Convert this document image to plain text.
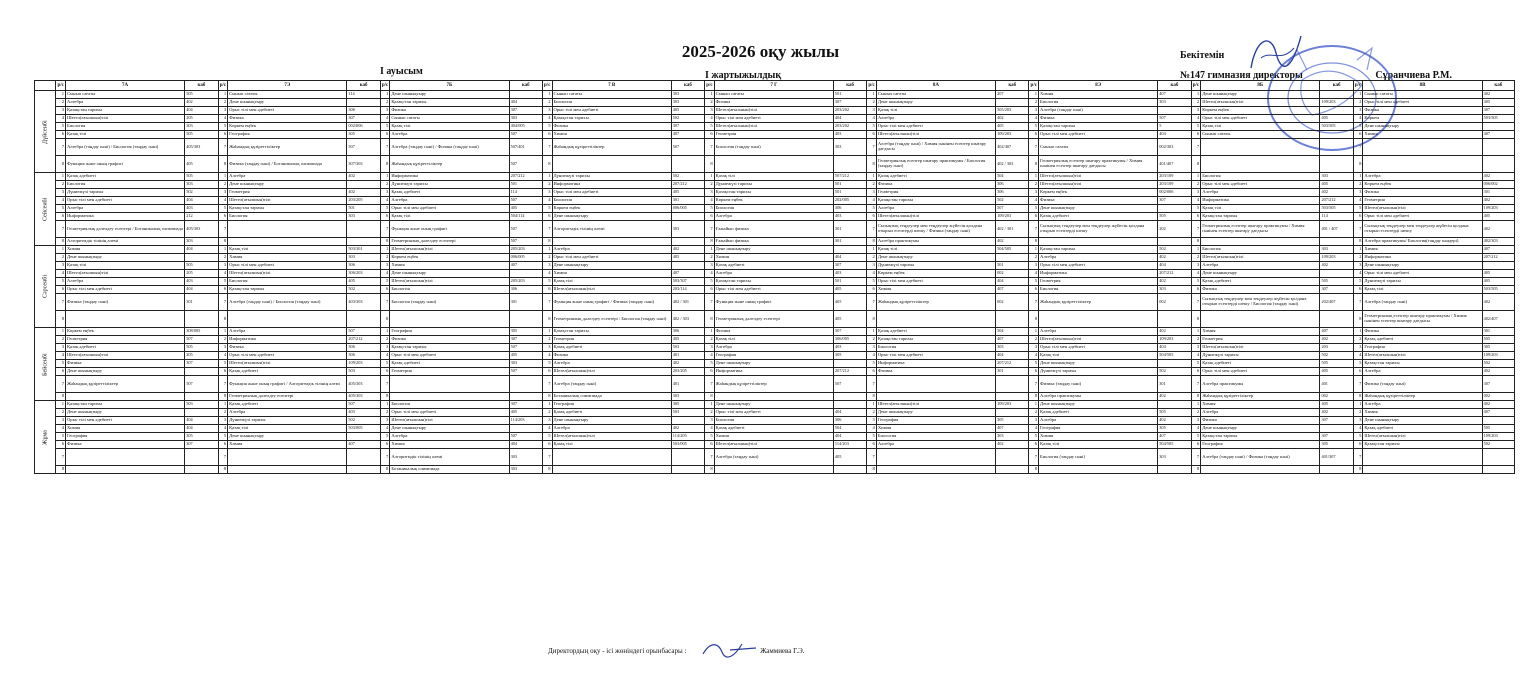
2025-2026 оқу жылы	Бекітемін
№147 гимназия директоры	Сұранчиева Р.М.
I ауысым	I жартыжылдық
	р/с	7А	каб	р/с	7Э	каб	р/с	7Б	каб	р/с	7 В	каб	р/с	7 Г	каб	р/с	8А	каб	р/с	8Э	каб	р/с	8Б	каб	р/с	8В	каб
Дүйсенбі	1	Сынып сағаты	505	1	Сынып сағаты	114	1	Дене шынықтыру		1	Сынып сағаты	303	1	Сынып сағаты	501	1	Сынып сағаты	207	1	Химия	407	1	Дене шынықтыру		1	Сынып сағаты	402
	2	Алгебра	402	2	Дене шынықтыру		2	Қазақстан тарихы	404	2	Биология	303	2	Физика	307	2	Дене шынықтыру		2	Биология	303	2	Шетел(ағылшын)тілі	109/203	2	Орыс тілі мен әдебиеті	405
	3	Қазақстан тарихы	404	3	Орыс тілі мен әдебиеті	306	3	Физика	307	3	Орыс тілі мен әдебиеті	405	3	Шетел(ағылшын)тілі	203/202	3	Қазақ тілі	505/203	3	Алгебра (таңдау пәні)		3	Көркем еңбек		3	Физика	307
	4	Шетел(ағылшын)тілі	205	4	Физика	307	4	Сынып сағаты	303	4	Қазақстан тарихы	502	4	Орыс тілі мен әдебиеті	404	4	Алгебра	402	4	Физика	507	4	Орыс тілі мен әдебиеті	405	4	Көркем	503/505
	5	Биология	303	5	Көркем еңбек	002/006	5	Қазақ тілі	404/005	5	Физика	307	5	Шетел(ағылшын)тілі	203/202	5	Орыс тілі мен әдебиеті	405	5	Қазақстан тарихы	5	5	Қазақ тілі	503/505	5	Дене шынықтыру	
	6	Қазақ тілі	505	6	География	305	6	Алгебра	507	6	Химия	407	6	Геометрия	403	6	Шетел(ағылшын)тілі	109/203	6	Орыс тілі мен әдебиеті	404	6	Сынып сағаты		6	Химия	407
	7	Алгебра (таңдау пәні) / Биология (таңдау пәні)	405/303	7	Жаһандық құзіреттіліктер	507	7	Алгебра (таңдау пәні) / Физика (таңдау пәні)	507/401	7	Жаһандық құзіреттіліктер	507	7	Биология (таңдау пәні)	303	7	Алгебра (таңдау пәні) / Химия пәнінен есептер шығару дағдысы	402/407	7	Сынып сағаты	002/303	7			7		
	8	Функция және оның графигі	405	8	Физика (таңдау пәні) / Ботаникалық олимпиада	307/303	8	Жаһандық құзіреттіліктер	507	8			8			8	Геометриялық есептер шығару практикумы / Биология (таңдау пәні)	402 / 303	8	Геометриялық есептер шығару практикумы / Химия пәнінен есептер шығару дағдысы	401/407	8			8		
Сейсенбі	1	Қазақ әдебиеті	505	1	Алгебра	402	1	Информатика	207/212	1	Дүниежүзі тарихы	502	1	Қазақ тілі	507/212	1	Қазақ әдебиеті	504	1	Шетел(ағылшын)тілі	203/109	1	Биология	303	1	Алгебра	402
	2	Биология	303	2	Дене шынықтыру		2	Дүниежүзі тарихы	501	2	Информатика	207/212	2	Дүниежүзі тарихы	501	2	Физика	306	2	Шетел(ағылшын)тілі	203/109	2	Орыс тілі мен әдебиеті	405	2	Көркем еңбек	006/002
	3	Дүниежүзі тарихы	502	3	Геометрия	402	3	Қазақ әдебиеті	114	3	Орыс тілі мен әдебиеті	405	3	Қазақстан тарихы	501	3	Геометрия	306	3	Көркем еңбек	002/006	3	Алгебра	402	3	Физика	301
	4	Орыс тілі мен әдебиеті	404	4	Шетел(ағылшын)тілі	203/205	4	Алгебра	507	4	Биология	301	4	Көркем еңбек	202/005	4	Қазақстан тарихы	502	4	Физика	307	4	Информатика	207/212	4	Геометрия	402
	5	Алгебра	403	5	Қазақстан тарихы	501	5	Орыс тілі мен әдебиеті	405	5	Көркем еңбек	006/005	5	Биология	306	5	Алгебра	507	5	Дене шынықтыру		5	Қазақ тілі	503/505	5	Шетел(ағылшын)тілі	109/203
	6	Информатика	212	6	Биология	303	6	Қазақ тілі	504/114	6	Дене шынықтыру		6	Алгебра	403	6	Шетел(ағылшын)тілі	109/203	6	Қазақ әдебиеті	505	6	Қазақстан тарихы	114	6	Орыс тілі мен әдебиеті	405
	7	Геометриялық дәлелдеу есептері / Ботаникалық олимпиада	405/303	7			7	Функция және оның графигі	507	7	Алгоритмдік тілінің алемі	303	7	Ғажайып физика	301	7	Сызықтық теңдеулер мен теңдеулер жүйесін қолдана отырып есептерді шешу / Физика (таңдау пәні)	402 / 301	7	Сызықтық теңдеулер мен теңдеулер жүйесін қолдана отырып есептерді шешу	202	7	Геометриялық есептер шығару практикумы / Химия пәнінен есептер шығару дағдысы	401 / 407	7	Сызықтық теңдеулер мен теңдеулер жүйесін қолдана отырып есептерді шешу	402
	8	Алгоритмдік тілінің алемі	303	8			8	Геометриялық дәлелдеу есептері	507	8			8	Ғажайып физика	301	8	Алгебра практикумы	402	8			8			8	Алгебра практикумы/ Биология(таңдау пәндері)	402/303
Сәрсенбі	1	Химия	404	1	Қазақ тілі	503/301	1	Шетел(ағылшын)тілі	205/203	1	Алгебра	402	1	Дене шынықтыру		1	Қазақ тілі	504/505	1	Қазақстан тарихы	502	1	Биология	303	1	Химия	407
	2	Дене шынықтыру		2	Химия	303	2	Көркем еңбек	006/005	2	Орыс тілі мен әдебиеті	405	2	Химия	404	2	Дене шынықтыру		2	Алгебра	402	2	Шетел(ағылшын)тілі	109/203	2	Информатика	207/212
	3	Қазақ тілі	505	3	Орыс тілі мен әдебиеті	306	3	Химия	407	3	Дене шынықтыру		3	Қазақ әдебиеті	307	3	Дүниежүзі тарихы	501	3	Орыс тілі мен әдебиеті	404	3	Алгебра	402	3	Дене шынықтыру	
	4	Шетел(ағылшын)тілі	205	4	Шетел(ағылшын)тілі	306/203	4	Дене шынықтыру		4	Химия	407	4	Алгебра	403	4	Көркем еңбек	002	4	Информатика	207/212	4	Дене шынықтыру		4	Орыс тілі мен әдебиеті	405
	5	Алгебра	403	5	Биология	405	5	Шетел(ағылшын)тілі	205/203	5	Қазақ тілі	503/307	5	Қазақстан тарихы	501	5	Орыс тілі мен әдебиеті	404	5	Геометрия	402	5	Қазақ әдебиеті	505	5	Дүниежүзі тарихы	405
	6	Орыс тілі мен әдебиеті	404	6	Қазақстан тарихы	502	6	Биология	306	6	Шетел(ағылшын)тілі	203/114	6	Орыс тілі мен әдебиеті	405	6	Химия	407	6	Биология	303	6	Физика	307	6	Қазақ тілі	503/505
	7	Физика (таңдау пәні)	301	7	Алгебра (таңдау пәні) / Биология (таңдау пәні)	403/303	7	Биология (таңдау пәні)	301	7	Функция және оның графигі / Физика (таңдау пәні)	402 / 301	7	Функция және оның графигі	405	7	Жаһандық құзіреттіліктер	002	7	Жаһандық құзіреттіліктер	002	7	Сызықтық теңдеулер мен теңдеулер жүйесін қолдана отырып есептерді шешу / Биология (таңдау пәні)	202/407	7	Алгебра (таңдау пәні)	402
	8			8			8			8	Геометриялық дәлелдеу есептері / Биология (таңдау пәні)	402 / 303	8	Геометриялық дәлелдеу есептері	405	8			8			8			8	Геометриялық есептер шығару практикумы / Химия пәнінен есептер шығару дағдысы	402/407
Бейсенбі	1	Көркем еңбек	308/005	1	Алгебра	507	1	География	305	1	Қазақстан тарихы	306	1	Физика	307	1	Қазақ әдебиеті	504	1	Алгебра	402	1	Химия	407	1	Физика	301
	2	Геометрия	507	2	Информатика	207/212	2	Физика	307	2	Геометрия	405	2	Қазақ тілі	306/005	2	Қазақстан тарихы	407	2	Шетел(ағылшын)тілі	109/203	2	Геометрия	402	2	Қазақ әдебиеті	505
	3	Қазақ әдебиеті	505	3	Физика	306	3	Қазақстан тарихы	507	3	Қазақ әдебиеті	503	3	Алгебра	403	3	Биология	303	3	Орыс тілі мен әдебиеті	404	3	Шетел(ағылшын)тілі	203	3	География	305
	4	Шетел(ағылшын)тілі	205	4	Орыс тілі мен әдебиеті	306	4	Орыс тілі мен әдебиеті	405	4	Физика	401	4	География	305	4	Орыс тілі мен әдебиеті	404	4	Қазақ тілі	504/505	4	Дүниежүзі тарихы	502	4	Шетел(ағылшын)тілі	109/203
	5	Физика	307	5	Шетел(ағылшын)тілі	109/203	5	Қазақ әдебиеті	303	5	Алгебра	402	5	Дене шынықтыру		5	Информатика	207/212	5	Дене шынықтыру		5	Қазақ әдебиеті	505	5	Қазақстан тарихы	502
	6	Дене шынықтыру		6	Қазақ әдебиеті	503	6	Геометрия	507	6	Шетел(ағылшын)тілі	203/205	6	Информатика	207/212	6	Физика	301	6	Дүниежүзі тарихы	502	6	Орыс тілі мен әдебиеті	405	6	Алгебра	402
	7	Жаһандық құзіреттіліктер	507	7	Функция және оның графигі / Алгоритмдік тілінің алемі	405/303	7			7	Алгебра (таңдау пәні)	401	7	Жаһандық құзіреттіліктер	507	7			7	Физика (таңдау пәні)	301	7	Алгебра практикумы	401	7	Физика (таңдау пәні)	307
	8			8	Геометриялық дәлелдеу есептері	405/303	8			8	Ботаникалық олимпиада	303	8			8			8	Алгебра практикумы	402	8	Жаһандық құзіреттіліктер	002	8	Жаһандық құзіреттіліктер	002
Жұма	1	Қазақстан тарихы	503	1	Қазақ әдебиеті	507	1	Биология	307	1	География	305	1	Дене шынықтыру		1	Шетел(ағылшын)тілі	109/203	1	Дене шынықтыру		1	Химия	405	1	Алгебра	402
	2	Дене шынықтыру		2	Алгебра	403	2	Орыс тілі мен әдебиеті	405	2	Қазақ әдебиеті	503	2	Орыс тілі мен әдебиеті	404	2	Дене шынықтыру		2	Қазақ әдебиеті	505	2	Алгебра	402	2	Химия	407
	3	Орыс тілі мен әдебиеті	404	3	Дүниежүзі тарихы	502	3	Шетел(ағылшын)тілі	114/203	3	Дене шынықтыру		3	Биология	306	3	География	305	3	Алгебра	402	3	Физика	307	3	Дене шынықтыру	
	4	Химия	404	4	Қазақ тілі	503/005	4	Дене шынықтыру		4	Алгебра	402	4	Қазақ әдебиеті	504	4	Химия	407	4	География	305	4	Дене шынықтыру		4	Қазақ әдебиеті	505
	5	География	305	5	Дене шынықтыру		5	Алгебра	507	5	Шетел(ағылшын)тілі	114/205	5	Химия	404	5	Биология	303	5	Химия	407	5	Қазақстан тарихы	307	5	Шетел(ағылшын)тілі	109/203
	6	Физика	307	6	Химия	407	6	Химия	404	6	Қазақ тілі	503/005	6	Шетел(ағылшын)тілі	114/203	6	Алгебра	402	6	Қазақ тілі	504/505	6	География	305	6	Қазақстан тарихы	502
	7			7			7	Алгоритмдік тілінің алемі	303	7			7	Алгебра (таңдау пәні)	405	7			7	Биология (таңдау пәні)	303	7	Алгебра (таңдау пәні) / Физика (таңдау пәні)	401/307	7		
	8			8			8	Ботаникалық олимпиада	303	8			8			8			8			8			8		
Директордың оқу - ісі жөніндегі орынбасары :	Жаммиева Г.Э.
